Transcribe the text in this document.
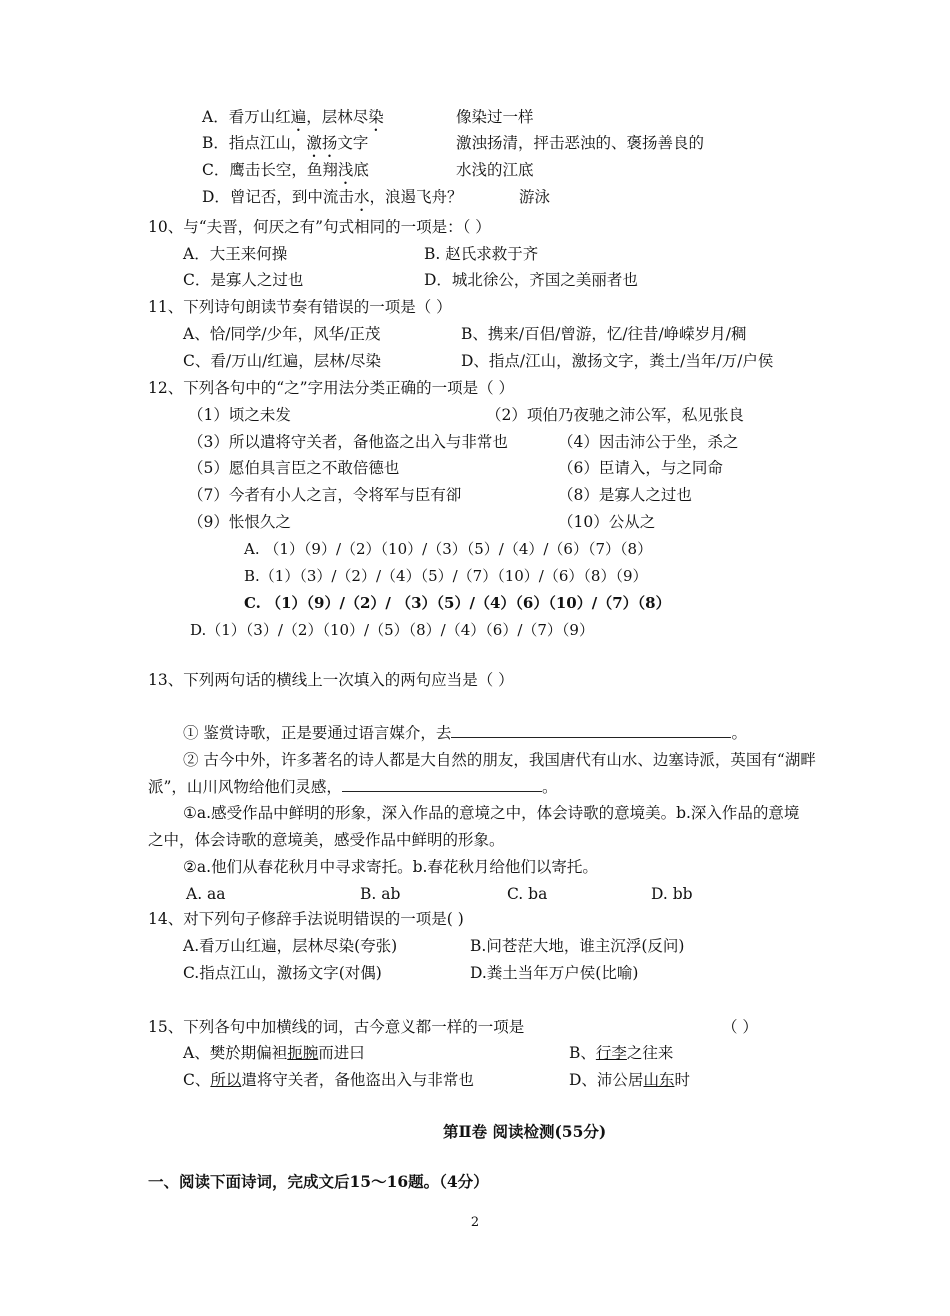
A．看万山红遍，层林尽染	像染过一样
B．指点江山，激扬文字	激浊扬清，抨击恶浊的、褒扬善良的
C．鹰击长空，鱼翔浅底	水浅的江底
D．曾记否，到中流击水，浪遏飞舟？	游泳
10、与“夫晋，何厌之有”句式相同的一项是：（ ）
A．大王来何操	B. 赵氏求救于齐
C．是寡人之过也	D．城北徐公，齐国之美丽者也
11、下列诗句朗读节奏有错误的一项是（ ）
A、恰/同学/少年，风华/正茂	B、携来/百侣/曾游，忆/往昔/峥嵘岁月/稠
C、看/万山/红遍，层林/尽染	D、指点/江山，激扬文字，粪土/当年/万/户侯
12、下列各句中的“之”字用法分类正确的一项是（ ）
（1）顷之未发	（2）项伯乃夜驰之沛公军，私见张良
（3）所以遣将守关者，备他盗之出入与非常也	（4）因击沛公于坐，杀之
（5）愿伯具言臣之不敢倍德也	（6）臣请入，与之同命
（7）今者有小人之言，令将军与臣有卻	（8）是寡人之过也
（9）怅恨久之	（10）公从之
A. （1）（9）/（2）（10）/（3）（5）/（4）/（6）（7）（8）
B.（1）（3）/（2）/（4）（5）/（7）（10）/（6）（8）（9）
C. （1）（9）/（2）/ （3）（5）/（4）（6）（10）/（7）（8）
D.（1）（3）/（2）（10）/（5）（8）/（4）（6）/（7）（9）
13、下列两句话的横线上一次填入的两句应当是（ ）
① 鉴赏诗歌，正是要通过语言媒介，去	。
② 古今中外，许多著名的诗人都是大自然的朋友，我国唐代有山水、边塞诗派，英国有“湖畔
派”，山川风物给他们灵感，	。
①a.感受作品中鲜明的形象，深入作品的意境之中，体会诗歌的意境美。b.深入作品的意境
之中，体会诗歌的意境美，感受作品中鲜明的形象。
②a.他们从春花秋月中寻求寄托。b.春花秋月给他们以寄托。
A. aa	B. ab	C. ba	D. bb
14、对下列句子修辞手法说明错误的一项是( )
A.看万山红遍，层林尽染(夸张)	B.问苍茫大地，谁主沉浮(反问)
C.指点江山，激扬文字(对偶)	D.粪土当年万户侯(比喻)
15、下列各句中加横线的词，古今意义都一样的一项是	（ ）
A、樊於期偏袒扼腕而进曰	B、行李之往来
C、所以遣将守关者，备他盗出入与非常也	D、沛公居山东时
第Ⅱ卷 阅读检测(55分)
一、阅读下面诗词，完成文后15～16题。（4分）
2
